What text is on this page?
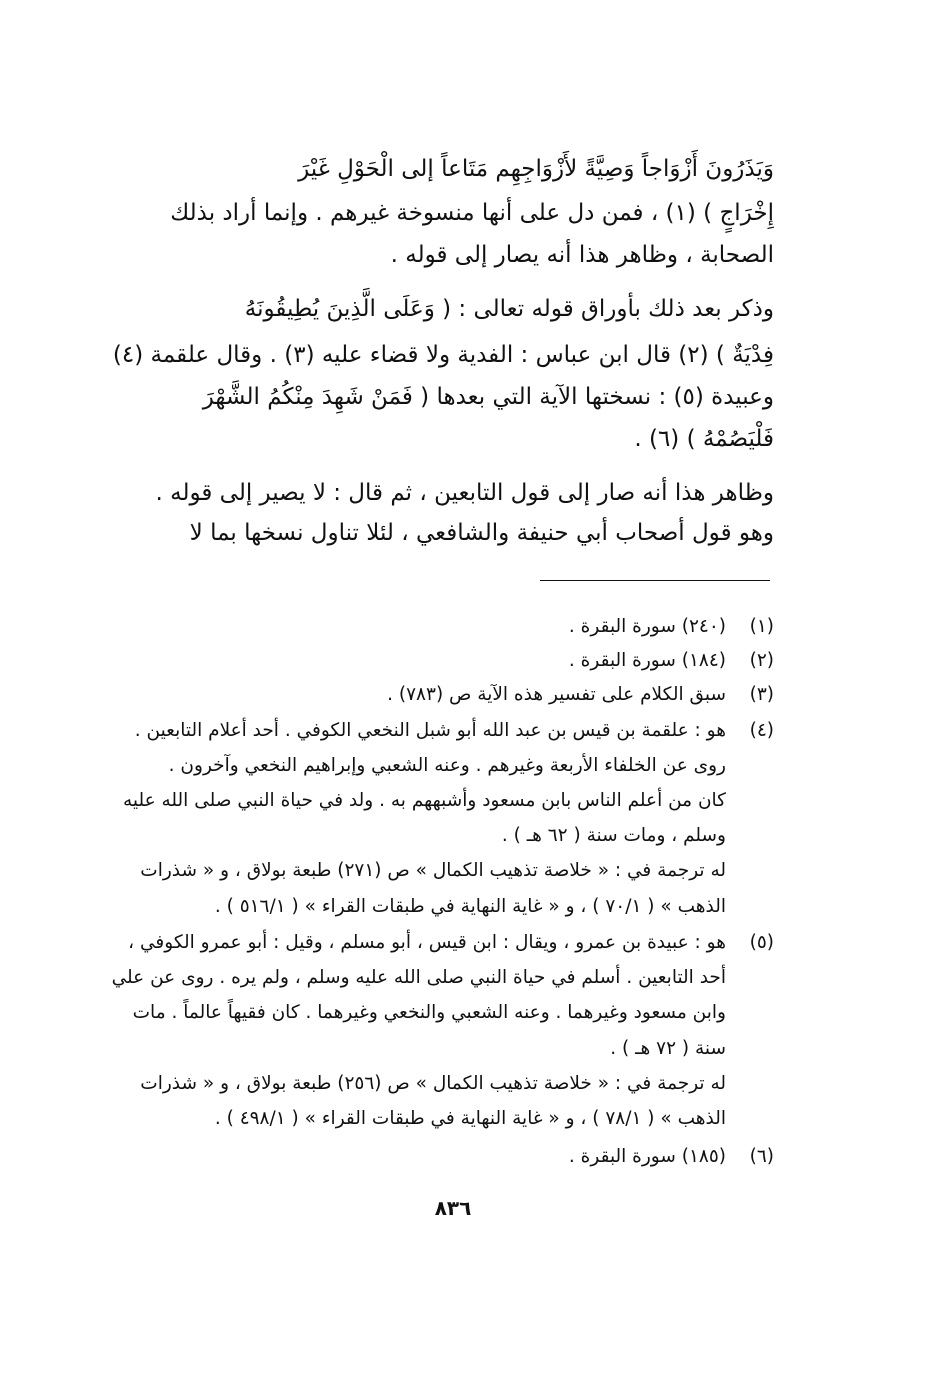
وَيَذَرُونَ أَزْوَاجاً وَصِيَّةً لأَزْوَاجِهِم مَتَاعاً إلى الْحَوْلِ غَيْرَ
إِخْرَاجٍ ) (١) ، فمن دل على أنها منسوخة غيرهم . وإنما أراد بذلك
الصحابة ، وظاهر هذا أنه يصار إلى قوله .
وذكر بعد ذلك بأوراق قوله تعالى : ( وَعَلَى الَّذِينَ يُطِيقُونَهُ
فِدْيَةٌ ) (٢) قال ابن عباس : الفدية ولا قضاء عليه (٣) . وقال علقمة (٤)
وعبيدة (٥) : نسختها الآية التي بعدها ( فَمَنْ شَهِدَ مِنْكُمُ الشَّهْرَ
فَلْيَصُمْهُ ) (٦) .
وظاهر هذا أنه صار إلى قول التابعين ، ثم قال : لا يصير إلى قوله .
وهو قول أصحاب أبي حنيفة والشافعي ، لئلا تناول نسخها بما لا
(١)
(٢٤٠) سورة البقرة .
(٢)
(١٨٤) سورة البقرة .
(٣)
سبق الكلام على تفسير هذه الآية ص (٧٨٣) .
(٤)
هو : علقمة بن قيس بن عبد الله أبو شبل النخعي الكوفي . أحد أعلام التابعين .
روى عن الخلفاء الأربعة وغيرهم . وعنه الشعبي وإبراهيم النخعي وآخرون .
كان من أعلم الناس بابن مسعود وأشبههم به . ولد في حياة النبي صلى الله عليه
وسلم ، ومات سنة ( ٦٢ هـ ) .
له ترجمة في : « خلاصة تذهيب الكمال » ص (٢٧١) طبعة بولاق ، و « شذرات
الذهب » ( ٧٠/١ ) ، و « غاية النهاية في طبقات القراء » ( ٥١٦/١ ) .
(٥)
هو : عبيدة بن عمرو ، ويقال : ابن قيس ، أبو مسلم ، وقيل : أبو عمرو الكوفي ،
أحد التابعين . أسلم في حياة النبي صلى الله عليه وسلم ، ولم يره . روى عن علي
وابن مسعود وغيرهما . وعنه الشعبي والنخعي وغيرهما . كان فقيهاً عالماً . مات
سنة ( ٧٢ هـ ) .
له ترجمة في : « خلاصة تذهيب الكمال » ص (٢٥٦) طبعة بولاق ، و « شذرات
الذهب » ( ٧٨/١ ) ، و « غاية النهاية في طبقات القراء » ( ٤٩٨/١ ) .
(٦)
(١٨٥) سورة البقرة .
٨٣٦
